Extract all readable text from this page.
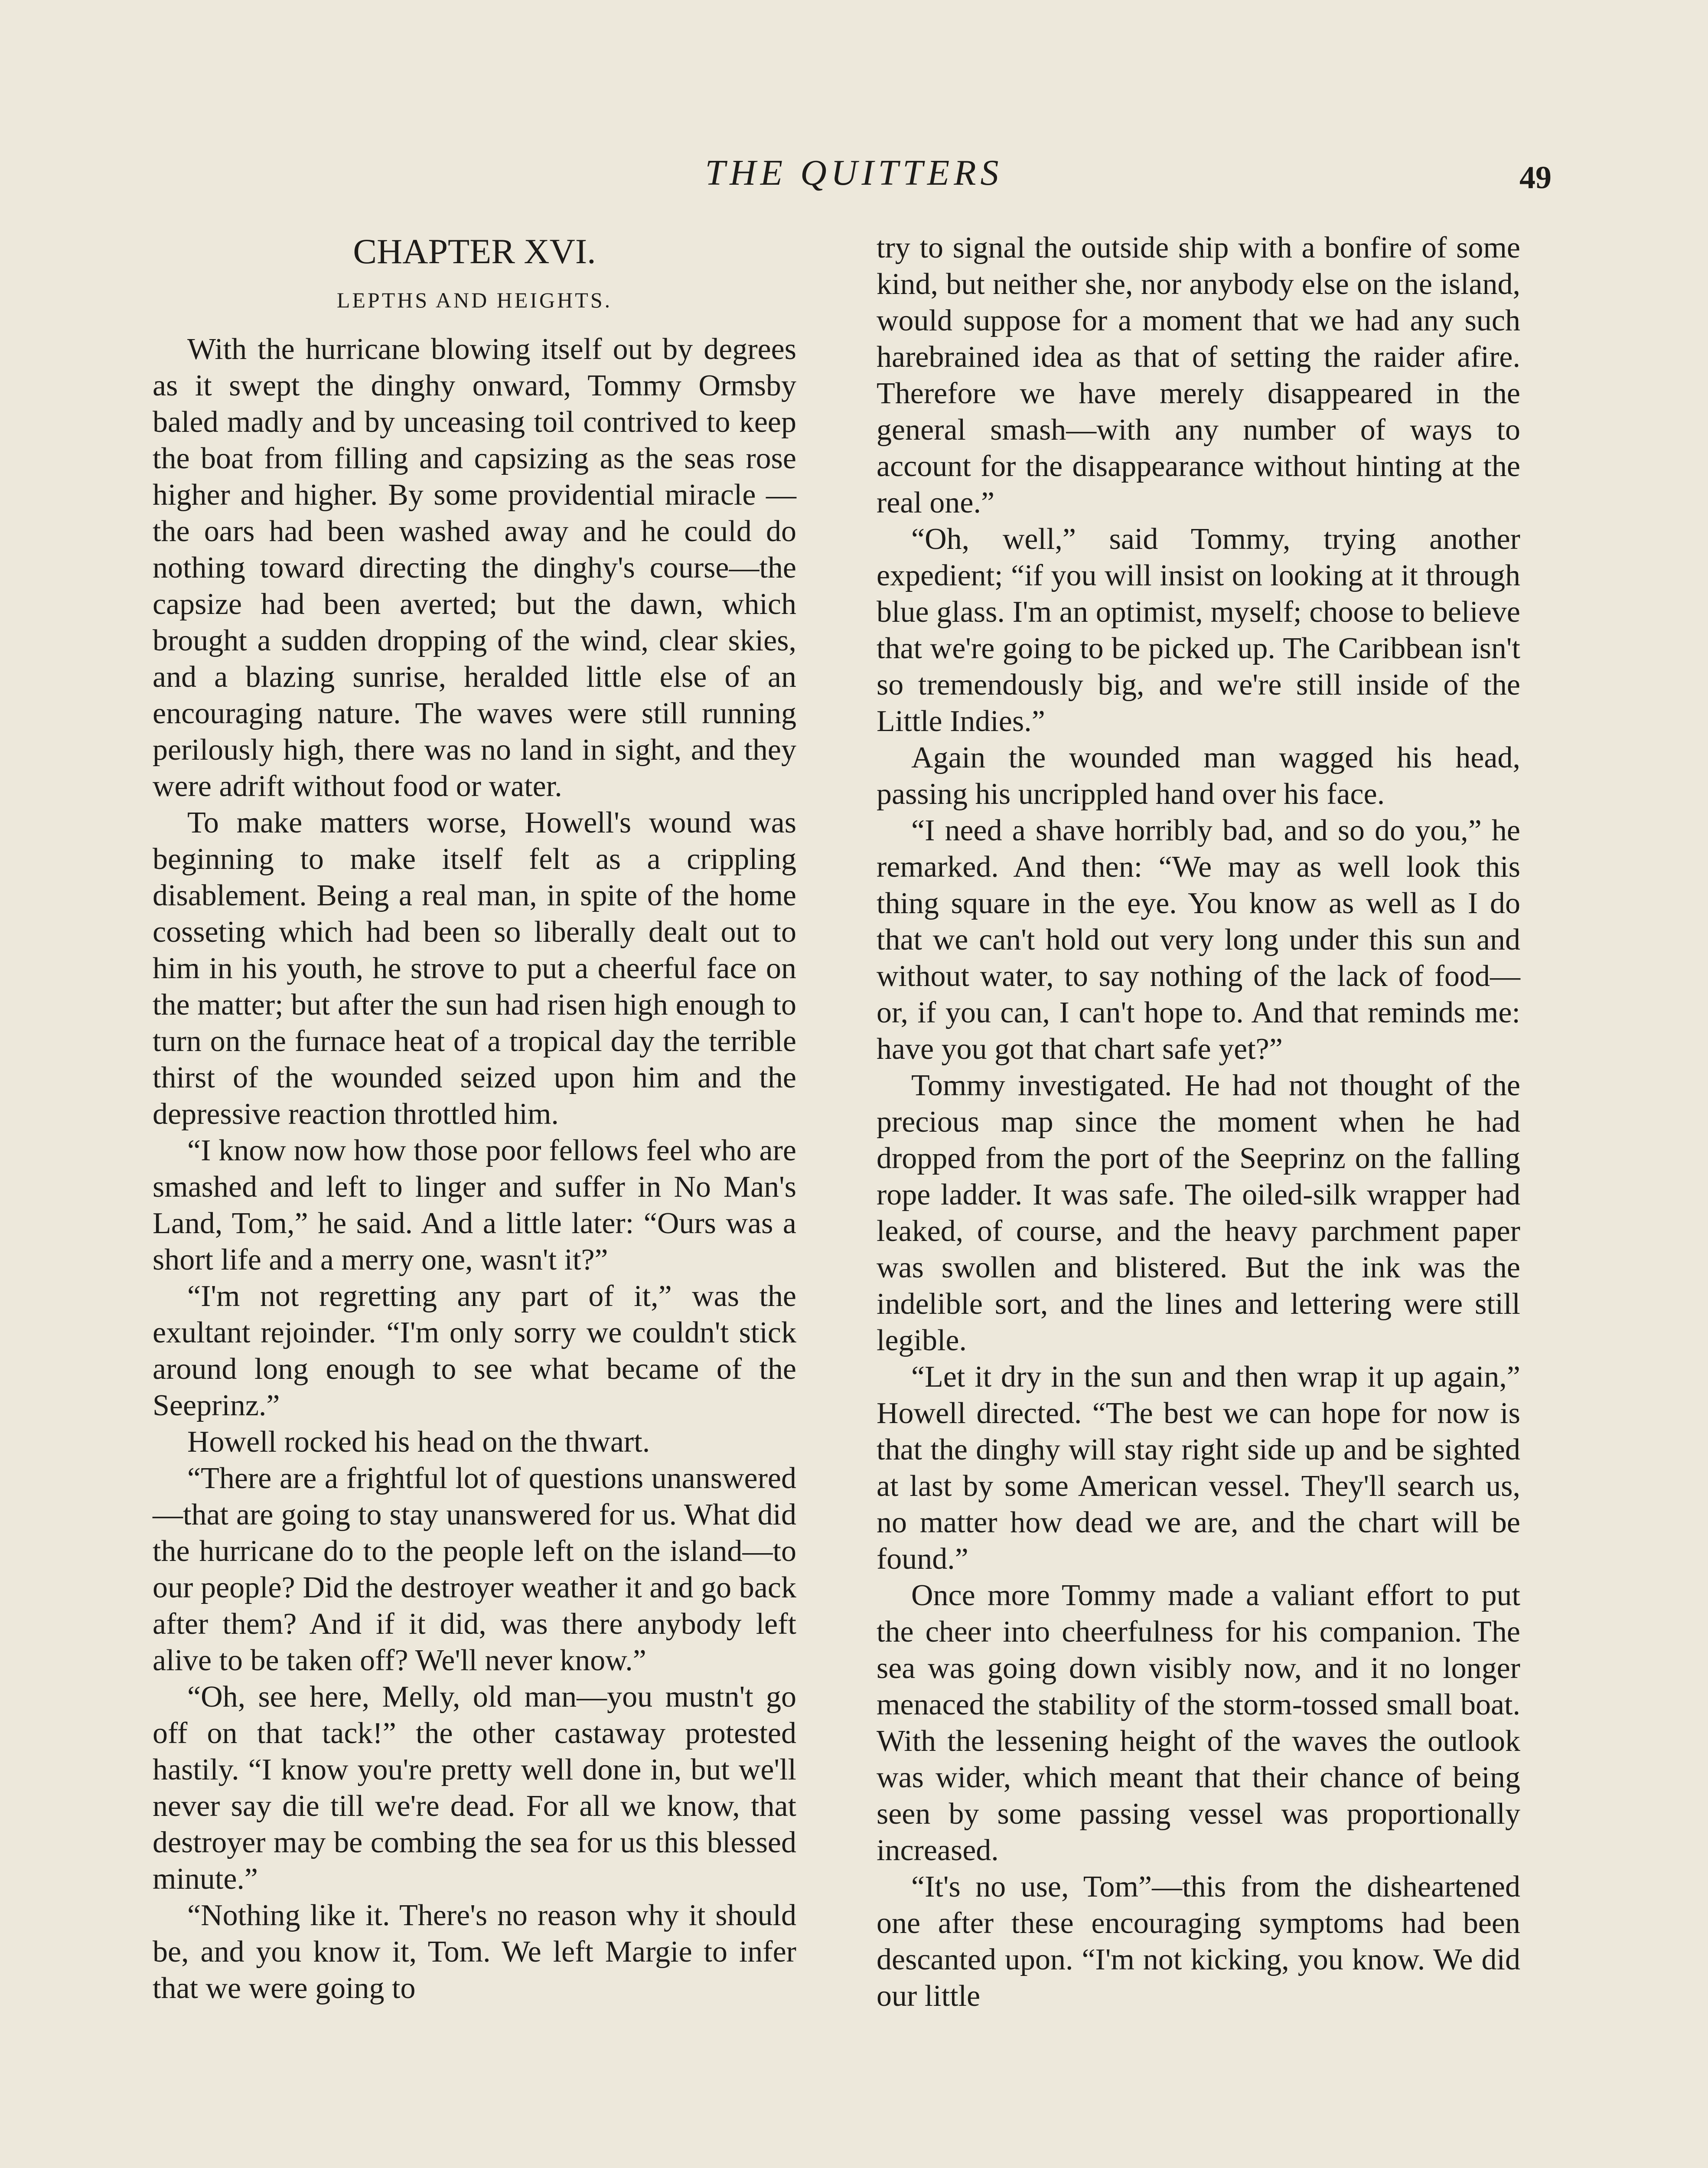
THE QUITTERS	49
CHAPTER XVI.
LEPTHS AND HEIGHTS.

With the hurricane blowing itself out by degrees as it swept the dinghy onward, Tommy Ormsby baled madly and by unceasing toil contrived to keep the boat from filling and capsizing as the seas rose higher and higher. By some providential miracle —the oars had been washed away and he could do nothing toward directing the dinghy's course—the capsize had been averted; but the dawn, which brought a sudden dropping of the wind, clear skies, and a blazing sunrise, heralded little else of an encouraging nature. The waves were still running perilously high, there was no land in sight, and they were adrift without food or water.

To make matters worse, Howell's wound was beginning to make itself felt as a crippling disablement. Being a real man, in spite of the home cosseting which had been so liberally dealt out to him in his youth, he strove to put a cheerful face on the matter; but after the sun had risen high enough to turn on the furnace heat of a tropical day the terrible thirst of the wounded seized upon him and the depressive reaction throttled him.

“I know now how those poor fellows feel who are smashed and left to linger and suffer in No Man's Land, Tom,” he said. And a little later: “Ours was a short life and a merry one, wasn't it?”

“I'm not regretting any part of it,” was the exultant rejoinder. “I'm only sorry we couldn't stick around long enough to see what became of the Seeprinz.”

Howell rocked his head on the thwart.

“There are a frightful lot of questions unanswered—that are going to stay unanswered for us. What did the hurricane do to the people left on the island—to our people? Did the destroyer weather it and go back after them? And if it did, was there anybody left alive to be taken off? We'll never know.”

“Oh, see here, Melly, old man—you mustn't go off on that tack!” the other castaway protested hastily. “I know you're pretty well done in, but we'll never say die till we're dead. For all we know, that destroyer may be combing the sea for us this blessed minute.”

“Nothing like it. There's no reason why it should be, and you know it, Tom. We left Margie to infer that we were going to

try to signal the outside ship with a bonfire of some kind, but neither she, nor anybody else on the island, would suppose for a moment that we had any such harebrained idea as that of setting the raider afire. Therefore we have merely disappeared in the general smash—with any number of ways to account for the disappearance without hinting at the real one.”

“Oh, well,” said Tommy, trying another expedient; “if you will insist on looking at it through blue glass. I'm an optimist, myself; choose to believe that we're going to be picked up. The Caribbean isn't so tremendously big, and we're still inside of the Little Indies.”

Again the wounded man wagged his head, passing his uncrippled hand over his face.

“I need a shave horribly bad, and so do you,” he remarked. And then: “We may as well look this thing square in the eye. You know as well as I do that we can't hold out very long under this sun and without water, to say nothing of the lack of food—or, if you can, I can't hope to. And that reminds me: have you got that chart safe yet?”

Tommy investigated. He had not thought of the precious map since the moment when he had dropped from the port of the Seeprinz on the falling rope ladder. It was safe. The oiled-silk wrapper had leaked, of course, and the heavy parchment paper was swollen and blistered. But the ink was the indelible sort, and the lines and lettering were still legible.

“Let it dry in the sun and then wrap it up again,” Howell directed. “The best we can hope for now is that the dinghy will stay right side up and be sighted at last by some American vessel. They'll search us, no matter how dead we are, and the chart will be found.”

Once more Tommy made a valiant effort to put the cheer into cheerfulness for his companion. The sea was going down visibly now, and it no longer menaced the stability of the storm-tossed small boat. With the lessening height of the waves the outlook was wider, which meant that their chance of being seen by some passing vessel was proportionally increased.

“It's no use, Tom”—this from the disheartened one after these encouraging symptoms had been descanted upon. “I'm not kicking, you know. We did our little
